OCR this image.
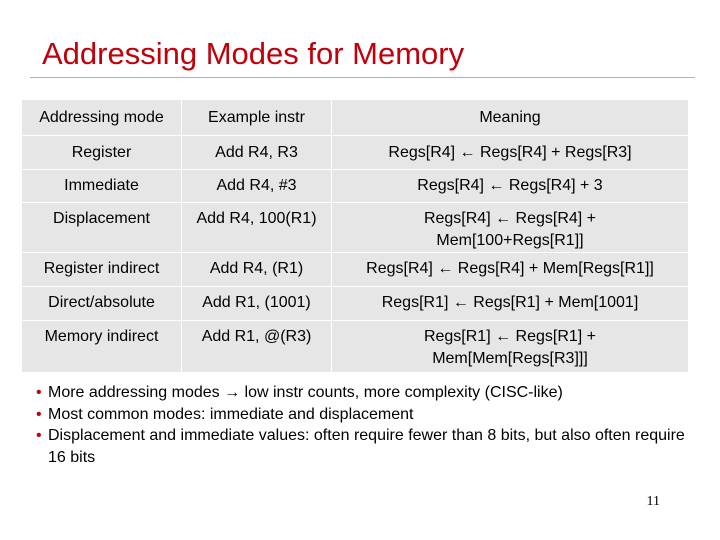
Addressing Modes for Memory
Addressing mode	Example instr	Meaning
Register	Add R4, R3	Regs[R4] ← Regs[R4] + Regs[R3]
Immediate	Add R4, #3	Regs[R4] ← Regs[R4] + 3
Displacement	Add R4, 100(R1)	Regs[R4] ← Regs[R4] + Mem[100+Regs[R1]]
Register indirect	Add R4, (R1)	Regs[R4] ← Regs[R4] + Mem[Regs[R1]]
Direct/absolute	Add R1, (1001)	Regs[R1] ← Regs[R1] + Mem[1001]
Memory indirect	Add R1, @(R3)	Regs[R1] ← Regs[R1] + Mem[Mem[Regs[R3]]]
• More addressing modes → low instr counts, more complexity (CISC-like)
• Most common modes: immediate and displacement
• Displacement and immediate values: often require fewer than 8 bits, but also often require 16 bits
11
